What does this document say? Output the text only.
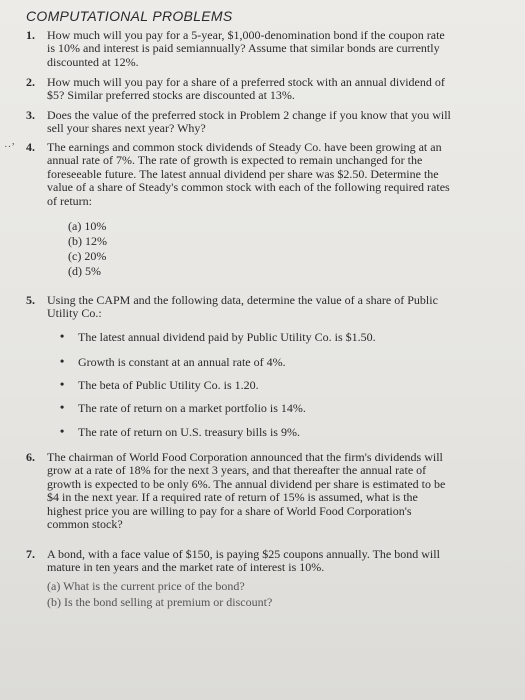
COMPUTATIONAL PROBLEMS
1. How much will you pay for a 5-year, $1,000-denomination bond if the coupon rate is 10% and interest is paid semiannually? Assume that similar bonds are currently discounted at 12%.
2. How much will you pay for a share of a preferred stock with an annual dividend of $5? Similar preferred stocks are discounted at 13%.
3. Does the value of the preferred stock in Problem 2 change if you know that you will sell your shares next year? Why?
··’ 4. The earnings and common stock dividends of Steady Co. have been growing at an annual rate of 7%. The rate of growth is expected to remain unchanged for the foreseeable future. The latest annual dividend per share was $2.50. Determine the value of a share of Steady's common stock with each of the following required rates of return:
(a) 10%
(b) 12%
(c) 20%
(d) 5%
5. Using the CAPM and the following data, determine the value of a share of Public Utility Co.:
• The latest annual dividend paid by Public Utility Co. is $1.50.
• Growth is constant at an annual rate of 4%.
• The beta of Public Utility Co. is 1.20.
• The rate of return on a market portfolio is 14%.
• The rate of return on U.S. treasury bills is 9%.
6. The chairman of World Food Corporation announced that the firm's dividends will grow at a rate of 18% for the next 3 years, and that thereafter the annual rate of growth is expected to be only 6%. The annual dividend per share is estimated to be $4 in the next year. If a required rate of return of 15% is assumed, what is the highest price you are willing to pay for a share of World Food Corporation's common stock?
7. A bond, with a face value of $150, is paying $25 coupons annually. The bond will mature in ten years and the market rate of interest is 10%.
(a) What is the current price of the bond?
(b) Is the bond selling at premium or discount?
